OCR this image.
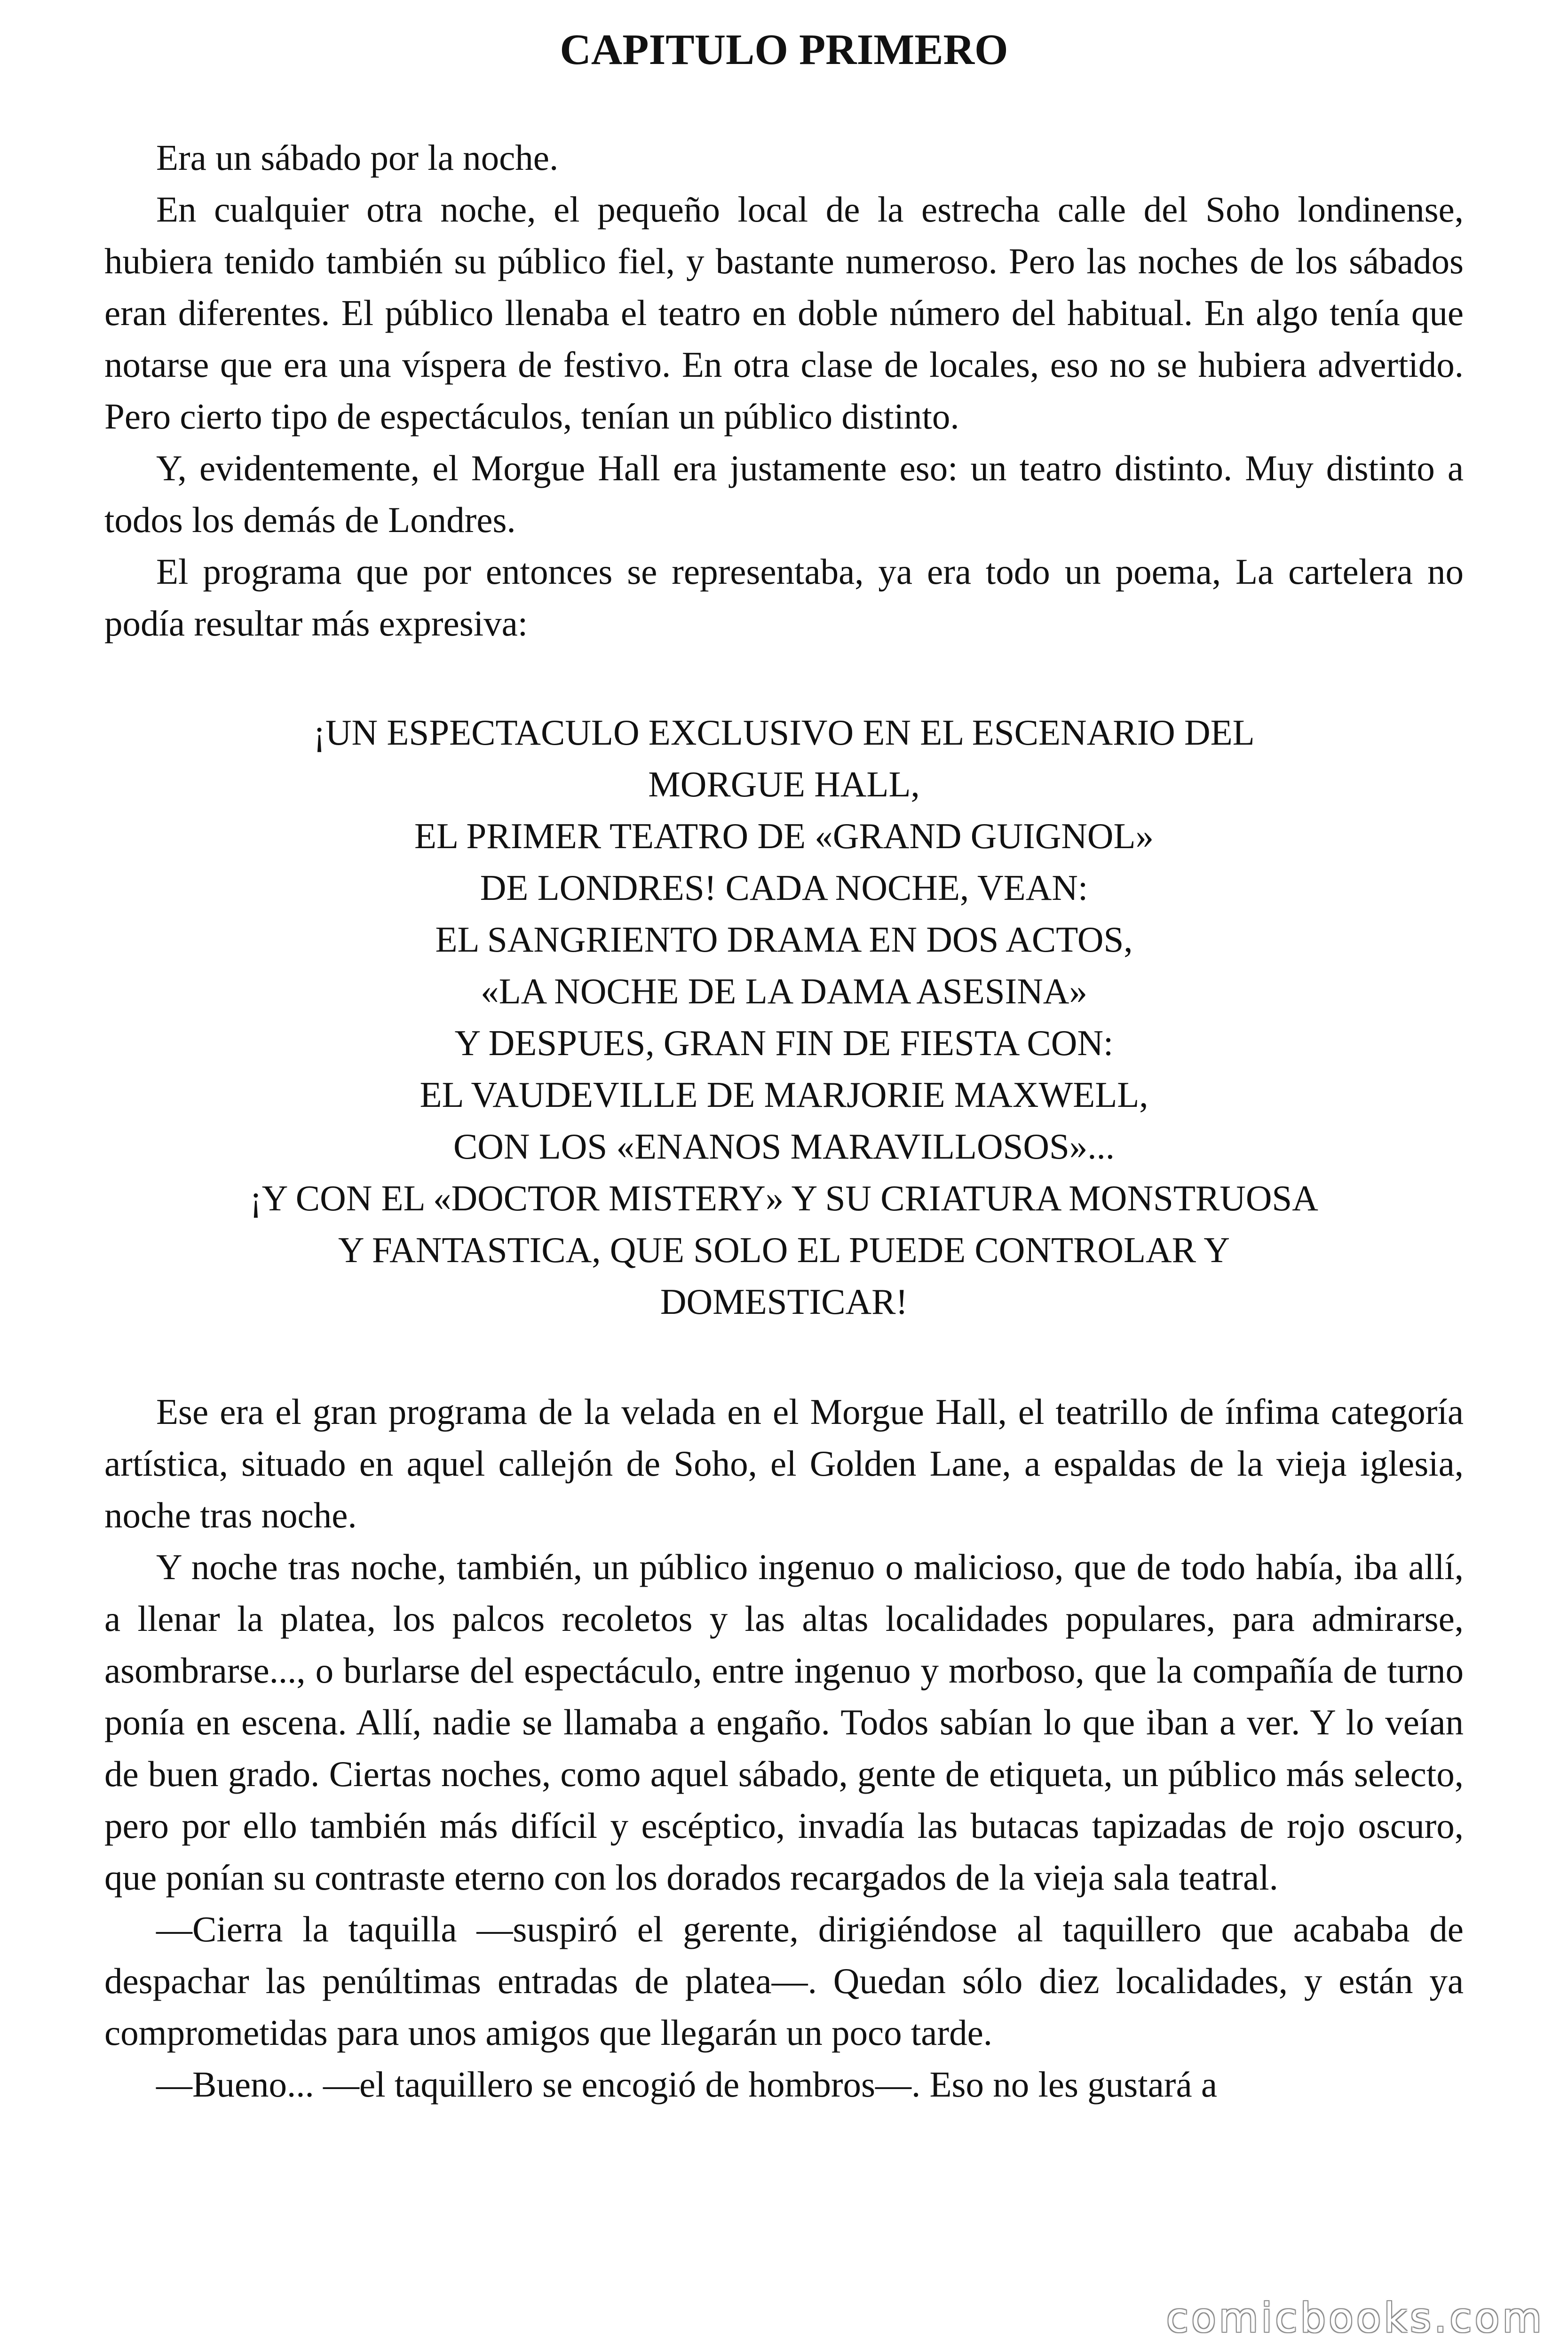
CAPITULO PRIMERO

Era un sábado por la noche.

En cualquier otra noche, el pequeño local de la estrecha calle del Soho londinense, hubiera tenido también su público fiel, y bastante numeroso. Pero las noches de los sábados eran diferentes. El público llenaba el teatro en doble número del habitual. En algo tenía que notarse que era una víspera de festivo. En otra clase de locales, eso no se hubiera advertido. Pero cierto tipo de espectáculos, tenían un público distinto.

Y, evidentemente, el Morgue Hall era justamente eso: un teatro distinto. Muy distinto a todos los demás de Londres.

El programa que por entonces se representaba, ya era todo un poema, La cartelera no podía resultar más expresiva:

¡UN ESPECTACULO EXCLUSIVO EN EL ESCENARIO DEL
MORGUE HALL,
EL PRIMER TEATRO DE «GRAND GUIGNOL»
DE LONDRES! CADA NOCHE, VEAN:
EL SANGRIENTO DRAMA EN DOS ACTOS,
«LA NOCHE DE LA DAMA ASESINA»
Y DESPUES, GRAN FIN DE FIESTA CON:
EL VAUDEVILLE DE MARJORIE MAXWELL,
CON LOS «ENANOS MARAVILLOSOS»...
¡Y CON EL «DOCTOR MISTERY» Y SU CRIATURA MONSTRUOSA
Y FANTASTICA, QUE SOLO EL PUEDE CONTROLAR Y
DOMESTICAR!

Ese era el gran programa de la velada en el Morgue Hall, el teatrillo de ínfima categoría artística, situado en aquel callejón de Soho, el Golden Lane, a espaldas de la vieja iglesia, noche tras noche.

Y noche tras noche, también, un público ingenuo o malicioso, que de todo había, iba allí, a llenar la platea, los palcos recoletos y las altas localidades populares, para admirarse, asombrarse..., o burlarse del espectáculo, entre ingenuo y morboso, que la compañía de turno ponía en escena. Allí, nadie se llamaba a engaño. Todos sabían lo que iban a ver. Y lo veían de buen grado. Ciertas noches, como aquel sábado, gente de etiqueta, un público más selecto, pero por ello también más difícil y escéptico, invadía las butacas tapizadas de rojo oscuro, que ponían su contraste eterno con los dorados recargados de la vieja sala teatral.

—Cierra la taquilla —suspiró el gerente, dirigiéndose al taquillero que acababa de despachar las penúltimas entradas de platea—. Quedan sólo diez localidades, y están ya comprometidas para unos amigos que llegarán un poco tarde.

—Bueno... —el taquillero se encogió de hombros—. Eso no les gustará a

comicbooks.com
